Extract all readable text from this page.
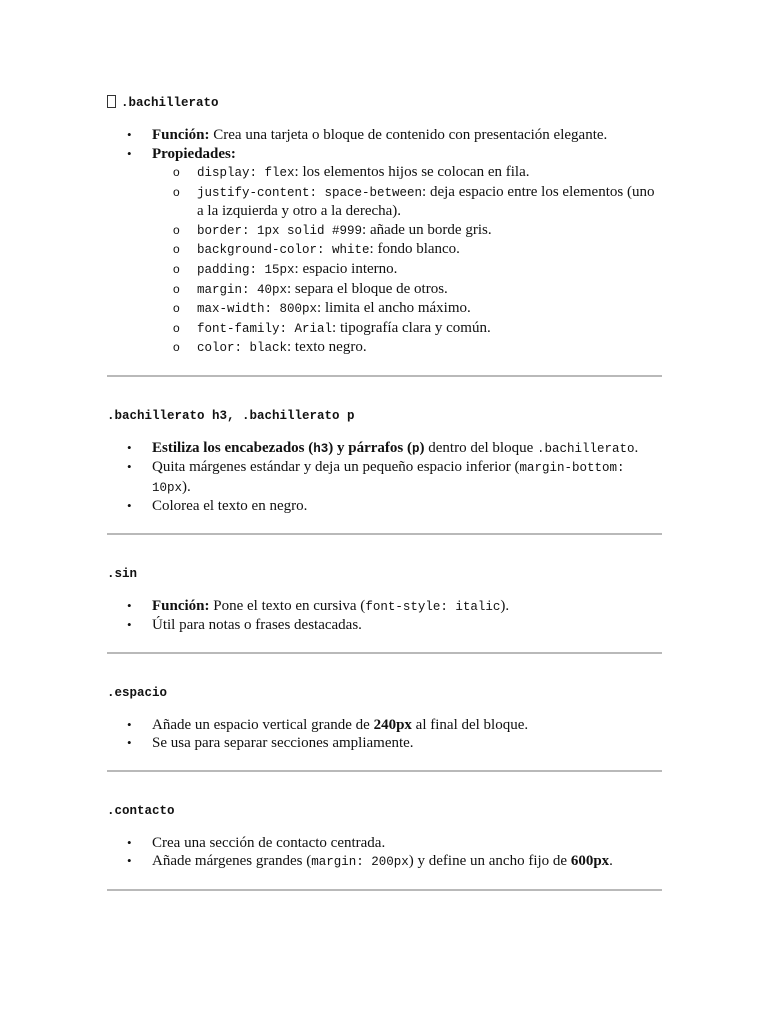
.bachillerato
• Función: Crea una tarjeta o bloque de contenido con presentación elegante.
• Propiedades:
o display: flex: los elementos hijos se colocan en fila.
o justify-content: space-between: deja espacio entre los elementos (uno a la izquierda y otro a la derecha).
o border: 1px solid #999: añade un borde gris.
o background-color: white: fondo blanco.
o padding: 15px: espacio interno.
o margin: 40px: separa el bloque de otros.
o max-width: 800px: limita el ancho máximo.
o font-family: Arial: tipografía clara y común.
o color: black: texto negro.
.bachillerato h3, .bachillerato p
• Estiliza los encabezados (h3) y párrafos (p) dentro del bloque .bachillerato.
• Quita márgenes estándar y deja un pequeño espacio inferior (margin-bottom: 10px).
• Colorea el texto en negro.
.sin
• Función: Pone el texto en cursiva (font-style: italic).
• Útil para notas o frases destacadas.
.espacio
• Añade un espacio vertical grande de 240px al final del bloque.
• Se usa para separar secciones ampliamente.
.contacto
• Crea una sección de contacto centrada.
• Añade márgenes grandes (margin: 200px) y define un ancho fijo de 600px.
